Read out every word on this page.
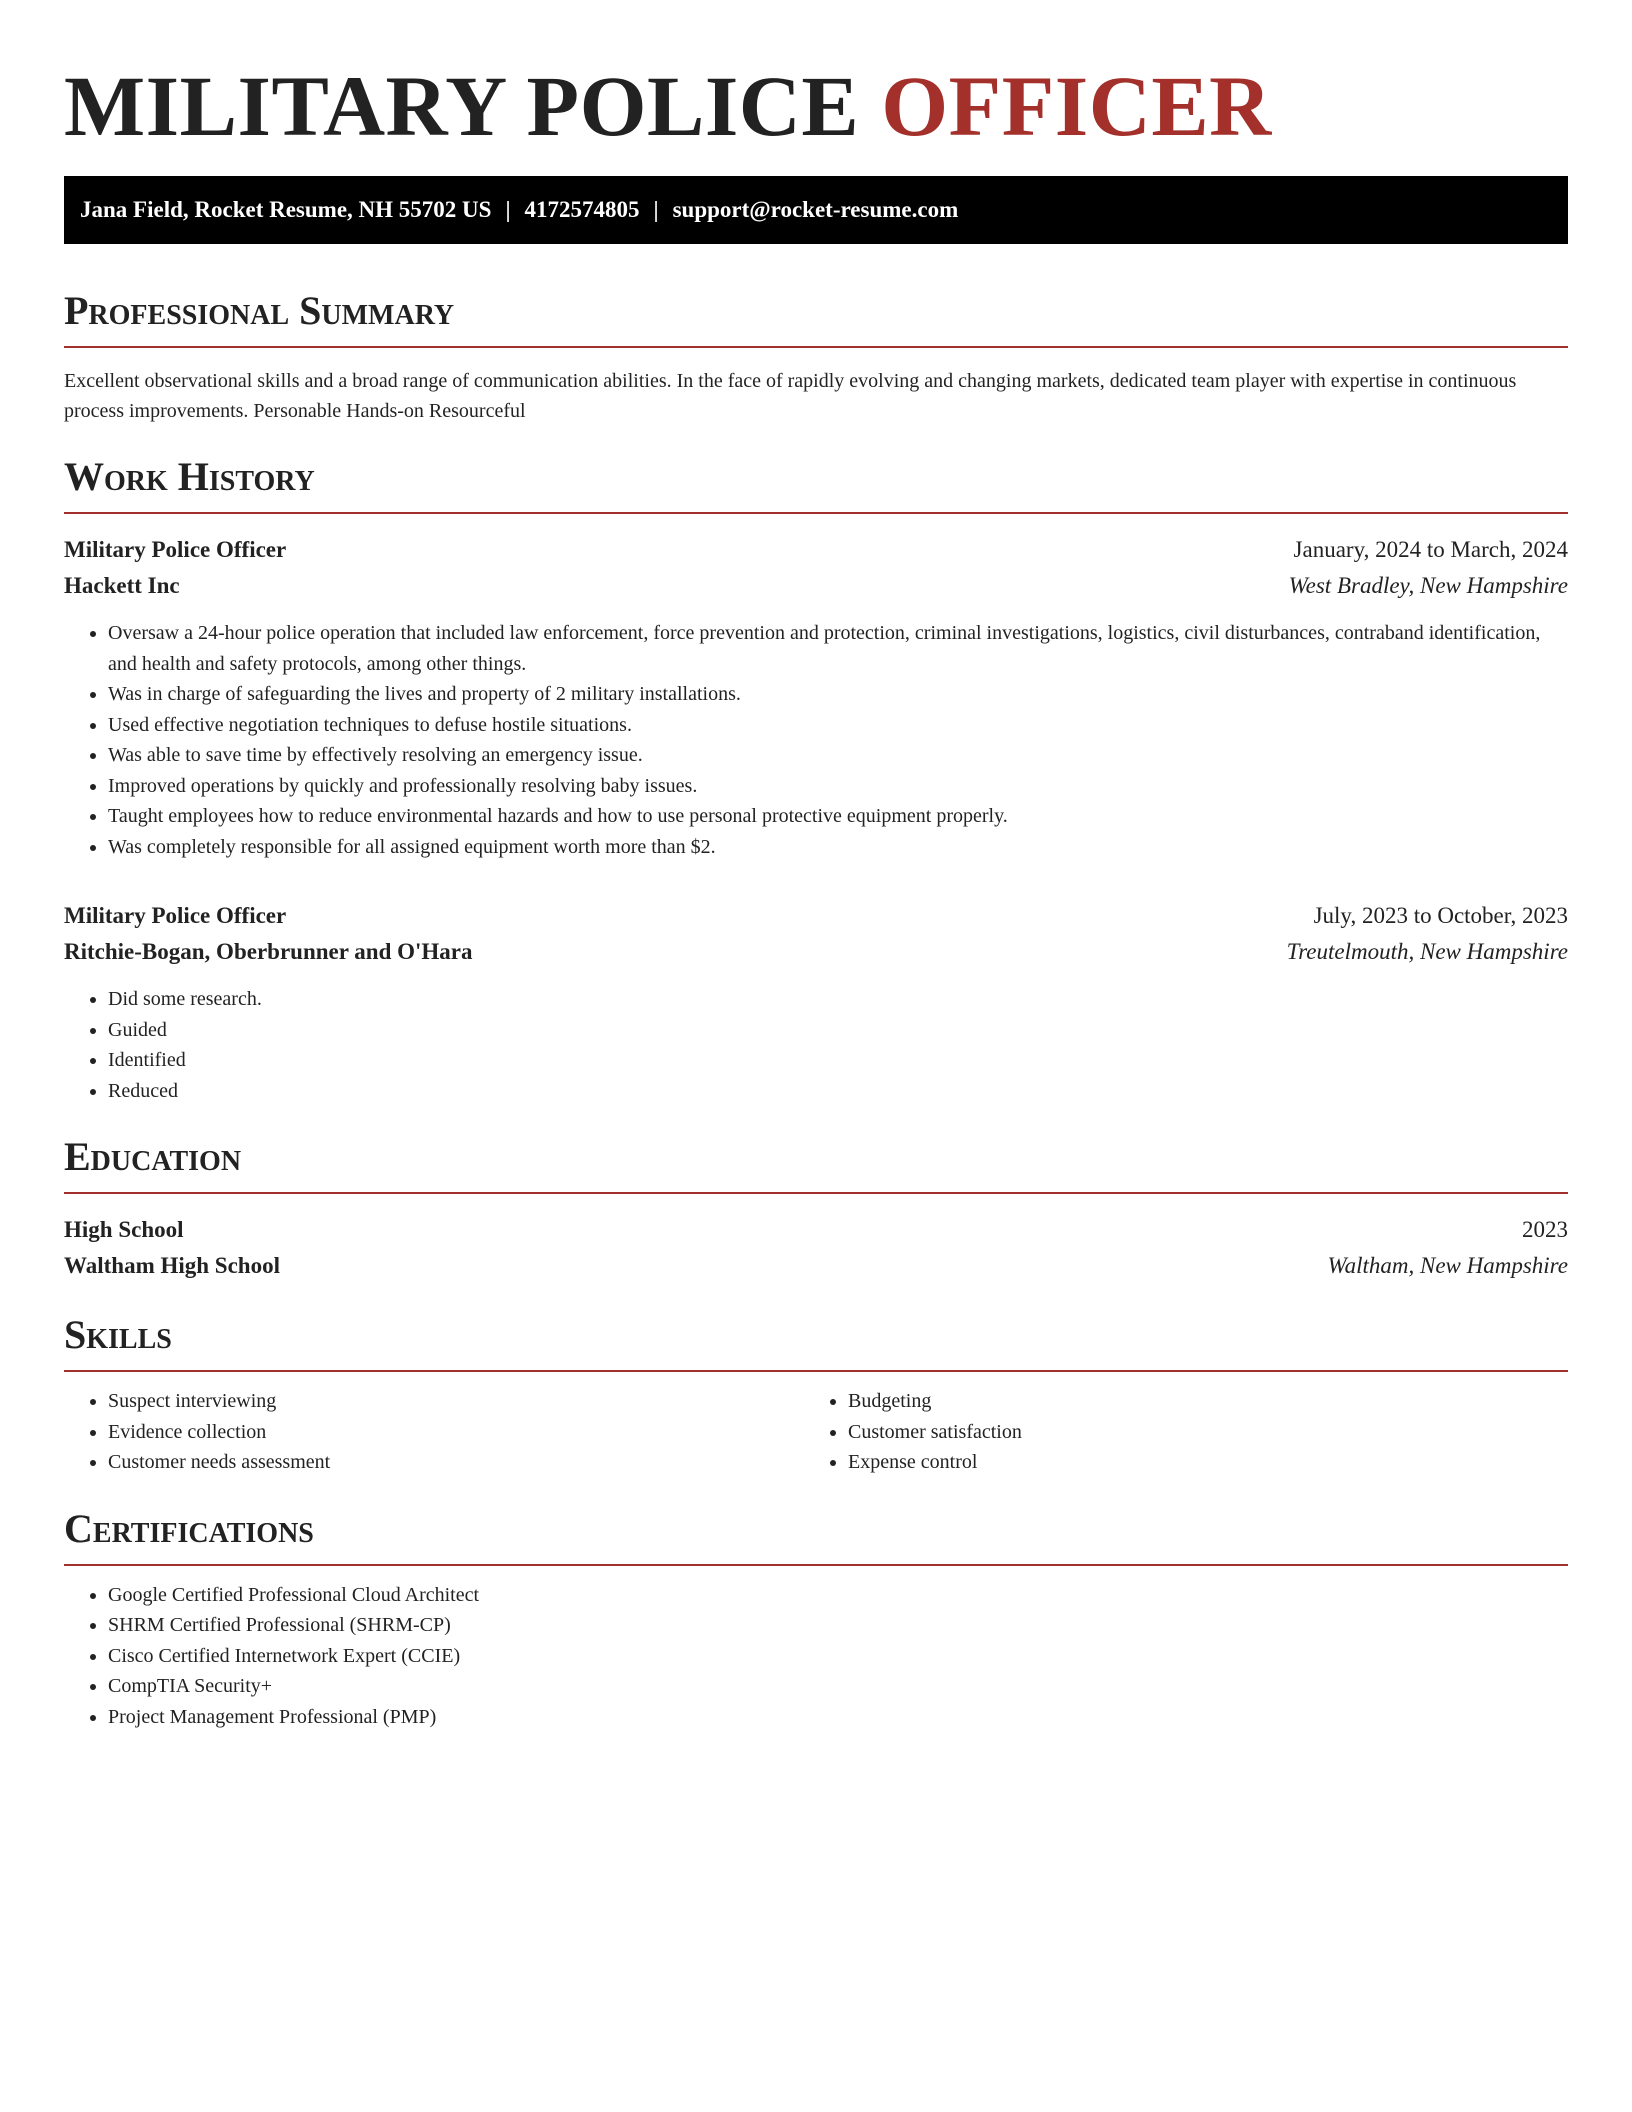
MILITARY POLICE OFFICER
Jana Field, Rocket Resume, NH 55702 US | 4172574805 | support@rocket-resume.com
Professional Summary

Excellent observational skills and a broad range of communication abilities. In the face of rapidly evolving and changing markets, dedicated team player with expertise in continuous process improvements. Personable Hands-on Resourceful

Work History
Military Police Officer	January, 2024 to March, 2024
Hackett Inc	West Bradley, New Hampshire
• Oversaw a 24-hour police operation that included law enforcement, force prevention and protection, criminal investigations, logistics, civil disturbances, contraband identification, and health and safety protocols, among other things.
• Was in charge of safeguarding the lives and property of 2 military installations.
• Used effective negotiation techniques to defuse hostile situations.
• Was able to save time by effectively resolving an emergency issue.
• Improved operations by quickly and professionally resolving baby issues.
• Taught employees how to reduce environmental hazards and how to use personal protective equipment properly.
• Was completely responsible for all assigned equipment worth more than $2.
Military Police Officer	July, 2023 to October, 2023
Ritchie-Bogan, Oberbrunner and O'Hara	Treutelmouth, New Hampshire
• Did some research.
• Guided
• Identified
• Reduced
Education
High School	2023
Waltham High School	Waltham, New Hampshire
Skills
• Suspect interviewing
• Evidence collection
• Customer needs assessment
• Budgeting
• Customer satisfaction
• Expense control
Certifications
• Google Certified Professional Cloud Architect
• SHRM Certified Professional (SHRM-CP)
• Cisco Certified Internetwork Expert (CCIE)
• CompTIA Security+
• Project Management Professional (PMP)
